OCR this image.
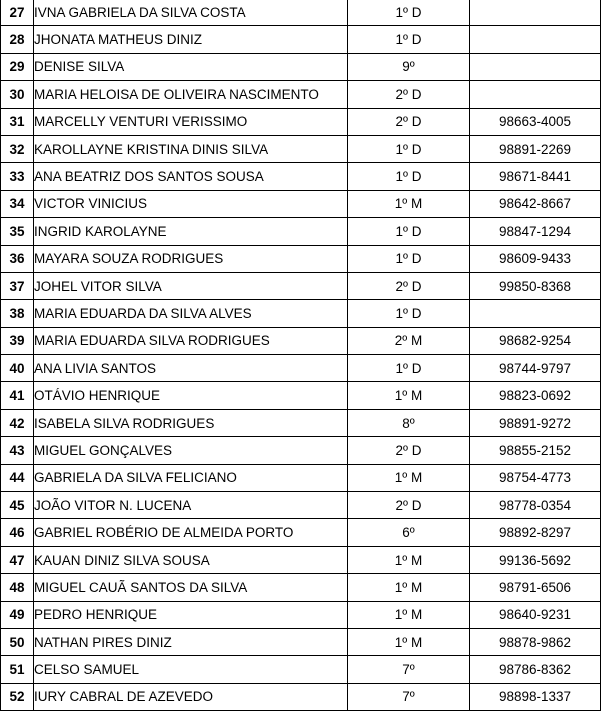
27	IVNA GABRIELA DA SILVA COSTA	1º D	
28	JHONATA MATHEUS DINIZ	1º D	
29	DENISE SILVA	9º	
30	MARIA HELOISA DE OLIVEIRA NASCIMENTO	2º D	
31	MARCELLY VENTURI VERISSIMO	2º D	98663-4005
32	KAROLLAYNE KRISTINA DINIS SILVA	1º D	98891-2269
33	ANA BEATRIZ DOS SANTOS SOUSA	1º D	98671-8441
34	VICTOR VINICIUS	1º M	98642-8667
35	INGRID KAROLAYNE	1º D	98847-1294
36	MAYARA SOUZA RODRIGUES	1º D	98609-9433
37	JOHEL VITOR SILVA	2º D	99850-8368
38	MARIA EDUARDA DA SILVA ALVES	1º D	
39	MARIA EDUARDA SILVA RODRIGUES	2º M	98682-9254
40	ANA LIVIA SANTOS	1º D	98744-9797
41	OTÁVIO HENRIQUE	1º M	98823-0692
42	ISABELA SILVA RODRIGUES	8º	98891-9272
43	MIGUEL GONÇALVES	2º D	98855-2152
44	GABRIELA DA SILVA FELICIANO	1º M	98754-4773
45	JOÃO VITOR N. LUCENA	2º D	98778-0354
46	GABRIEL ROBÉRIO DE ALMEIDA PORTO	6º	98892-8297
47	KAUAN DINIZ SILVA SOUSA	1º M	99136-5692
48	MIGUEL CAUÃ SANTOS DA SILVA	1º M	98791-6506
49	PEDRO HENRIQUE	1º M	98640-9231
50	NATHAN PIRES DINIZ	1º M	98878-9862
51	CELSO SAMUEL	7º	98786-8362
52	IURY CABRAL DE AZEVEDO	7º	98898-1337
